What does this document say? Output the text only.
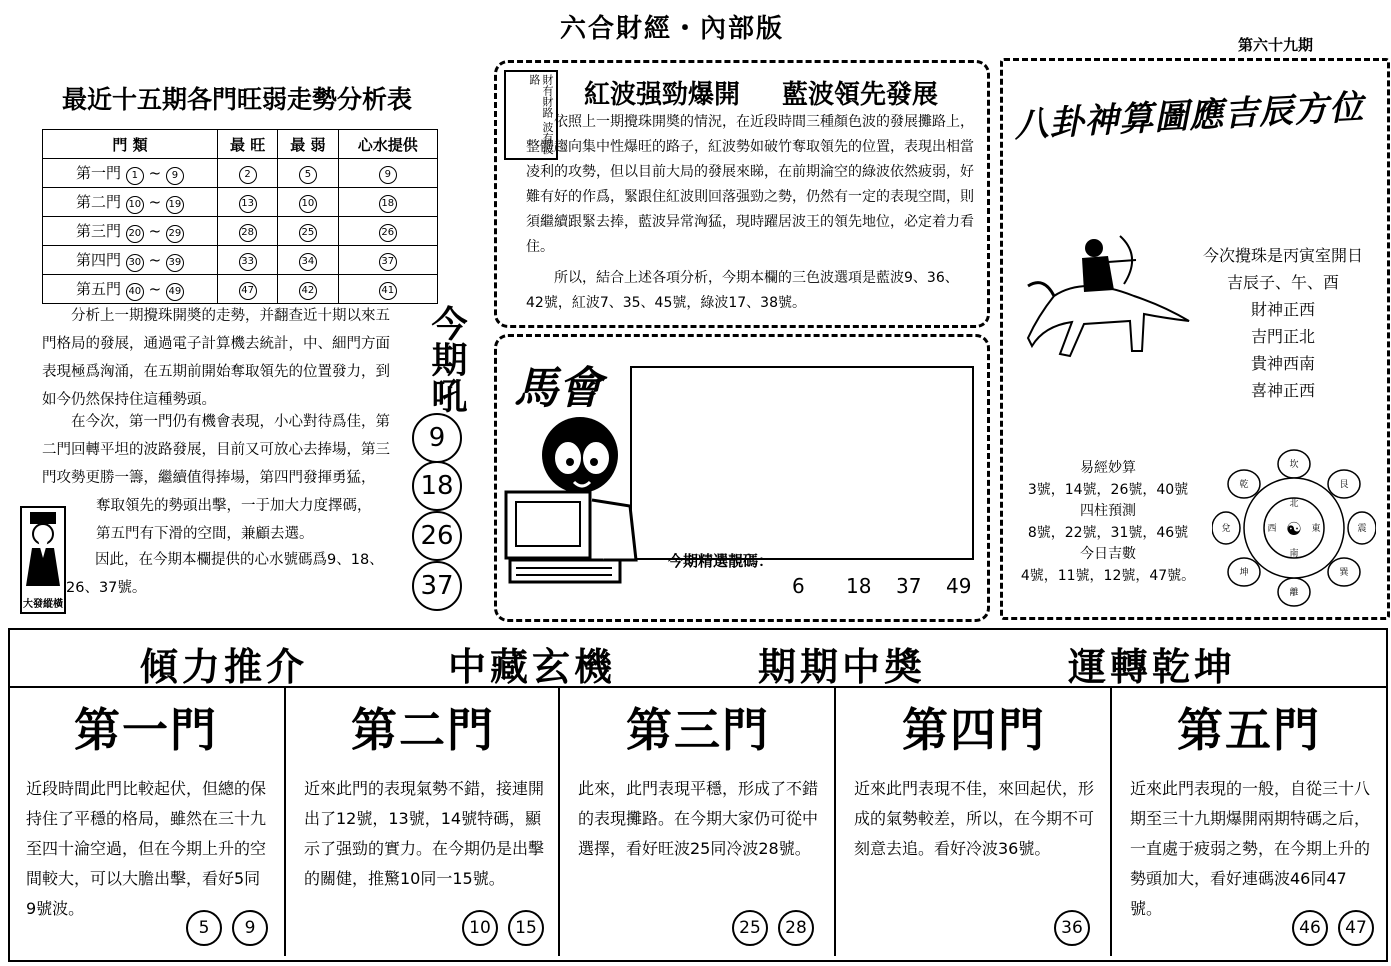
六合財經・內部版
第六十九期
最近十五期各門旺弱走勢分析表
門 類	最 旺	最 弱	心水提供
第一門 1 ~ 9	2	5	9
第二門 10 ~ 19	13	10	18
第三門 20 ~ 29	28	25	26
第四門 30 ~ 39	33	34	37
第五門 40 ~ 49	47	42	41
分析上一期攪珠開奬的走勢，并翻查近十期以來五門格局的發展，通過電子計算機去統計，中、細門方面表現極爲洶涌，在五期前開始奪取領先的位置發力，到如今仍然保持住這種勢頭。
在今次，第一門仍有機會表現，小心對待爲佳，第二門回轉平坦的波路發展，目前又可放心去捧場，第三門攻勢更勝一籌，繼續值得捧場，第四門發揮勇猛，
奪取領先的勢頭出擊，一于加大力度擇碼，
第五門有下滑的空間，兼顧去選。
因此，在今期本欄提供的心水號碼爲9、18、26、37號。
大發縱橫
今期吼
9
18
26
37
財有財路 波有波路
紅波强勁爆開 藍波領先發展
依照上一期攪珠開奬的情況，在近段時間三種顏色波的發展攤路上，整體趨向集中性爆旺的路子，紅波勢如破竹奪取領先的位置，表現出相當凌利的攻勢，但以目前大局的發展來睇，在前期淪空的綠波依然疲弱，好難有好的作爲，緊跟住紅波則回落强勁之勢，仍然有一定的表現空間，則須繼續跟緊去捧，藍波异常洶猛，現時躍居波王的領先地位，必定着力看住。
所以，結合上述各項分析，今期本欄的三色波選項是藍波9、36、42號，紅波7、35、45號，綠波17、38號。
馬會
今期精選靚碼：
6 18 37 49
八卦神算圖應吉辰方位
今次攪珠是丙寅室開日
吉辰子、午、酉
財神正西
吉門正北
貴神西南
喜神正西
易經妙算
3號，14號，26號，40號
四柱預測
8號，22號，31號，46號
今日吉數
4號，11號，12號，47號。
坎
艮
震
巽
離
坤
兌
乾
北
東
南
西 ☯
傾力推介	中藏玄機	期期中奬	運轉乾坤
第一門
近段時間此門比較起伏，但總的保持住了平穩的格局，雖然在三十九至四十淪空過，但在今期上升的空間較大，可以大膽出擊，看好5同9號波。
5 9
第二門
近來此門的表現氣勢不錯，接連開出了12號，13號，14號特碼，顯示了强勁的實力。在今期仍是出擊的關健，推驚10同一15號。
10 15
第三門
此來，此門表現平穩，形成了不錯的表現攤路。在今期大家仍可從中選擇，看好旺波25同冷波28號。
25 28
第四門
近來此門表現不佳，來回起伏，形成的氣勢較差，所以，在今期不可刻意去追。看好冷波36號。
36
第五門
近來此門表現的一般，自從三十八期至三十九期爆開兩期特碼之后，一直處于疲弱之勢，在今期上升的勢頭加大，看好連碼波46同47號。
46 47
